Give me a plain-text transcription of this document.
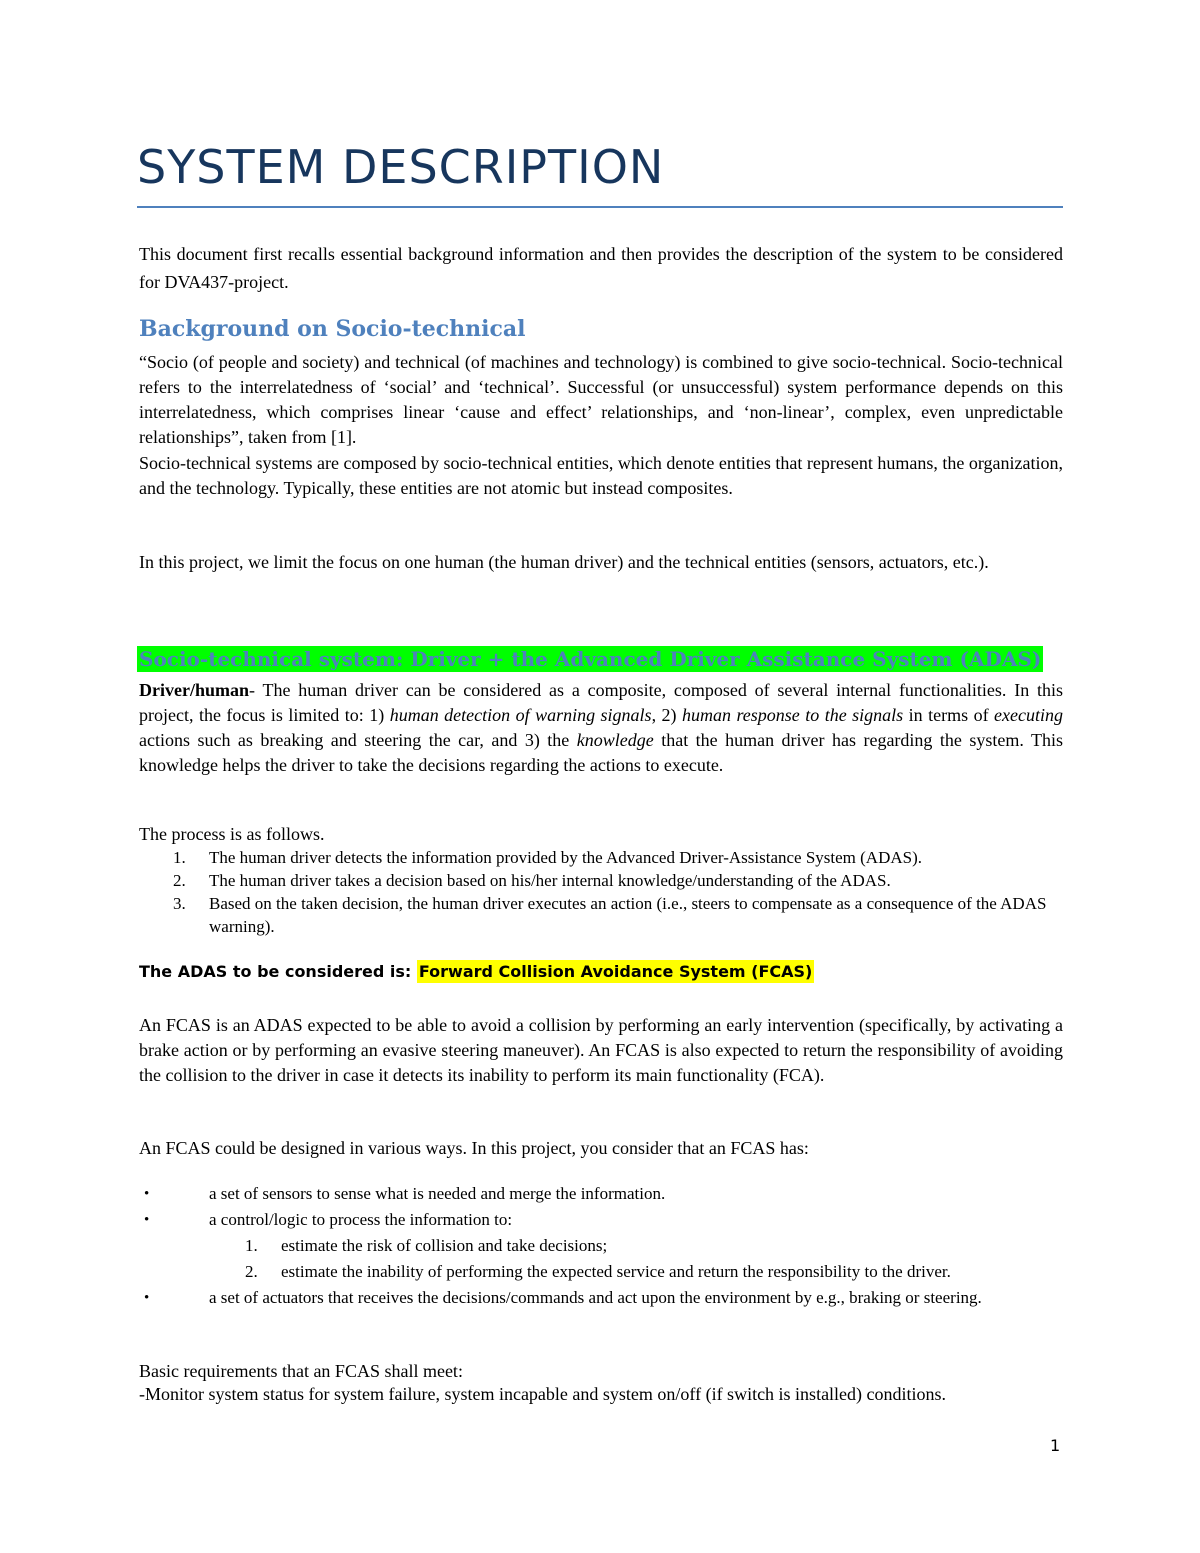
SYSTEM DESCRIPTION

This document first recalls essential background information and then provides the description of the system to be considered for DVA437-project.

Background on Socio-technical

“Socio (of people and society) and technical (of machines and technology) is combined to give socio-technical. Socio-technical refers to the interrelatedness of ‘social’ and ‘technical’. Successful (or unsuccessful) system performance depends on this interrelatedness, which comprises linear ‘cause and effect’ relationships, and ‘non-linear’, complex, even unpredictable relationships”, taken from [1].

Socio-technical systems are composed by socio-technical entities, which denote entities that represent humans, the organization, and the technology. Typically, these entities are not atomic but instead composites.

In this project, we limit the focus on one human (the human driver) and the technical entities (sensors, actuators, etc.).

Socio-technical system: Driver + the Advanced Driver Assistance System (ADAS)

Driver/human- The human driver can be considered as a composite, composed of several internal functionalities. In this project, the focus is limited to: 1) human detection of warning signals, 2) human response to the signals in terms of executing actions such as breaking and steering the car, and 3) the knowledge that the human driver has regarding the system. This knowledge helps the driver to take the decisions regarding the actions to execute.

The process is as follows.

1. The human driver detects the information provided by the Advanced Driver-Assistance System (ADAS).
2. The human driver takes a decision based on his/her internal knowledge/understanding of the ADAS.
3. Based on the taken decision, the human driver executes an action (i.e., steers to compensate as a consequence of the ADAS warning).

The ADAS to be considered is: Forward Collision Avoidance System (FCAS)

An FCAS is an ADAS expected to be able to avoid a collision by performing an early intervention (specifically, by activating a brake action or by performing an evasive steering maneuver). An FCAS is also expected to return the responsibility of avoiding the collision to the driver in case it detects its inability to perform its main functionality (FCA).

An FCAS could be designed in various ways. In this project, you consider that an FCAS has:

•	a set of sensors to sense what is needed and merge the information.
•	a control/logic to process the information to:
1. estimate the risk of collision and take decisions;
2. estimate the inability of performing the expected service and return the responsibility to the driver.
•	a set of actuators that receives the decisions/commands and act upon the environment by e.g., braking or steering.

Basic requirements that an FCAS shall meet:

-Monitor system status for system failure, system incapable and system on/off (if switch is installed) conditions.

1
